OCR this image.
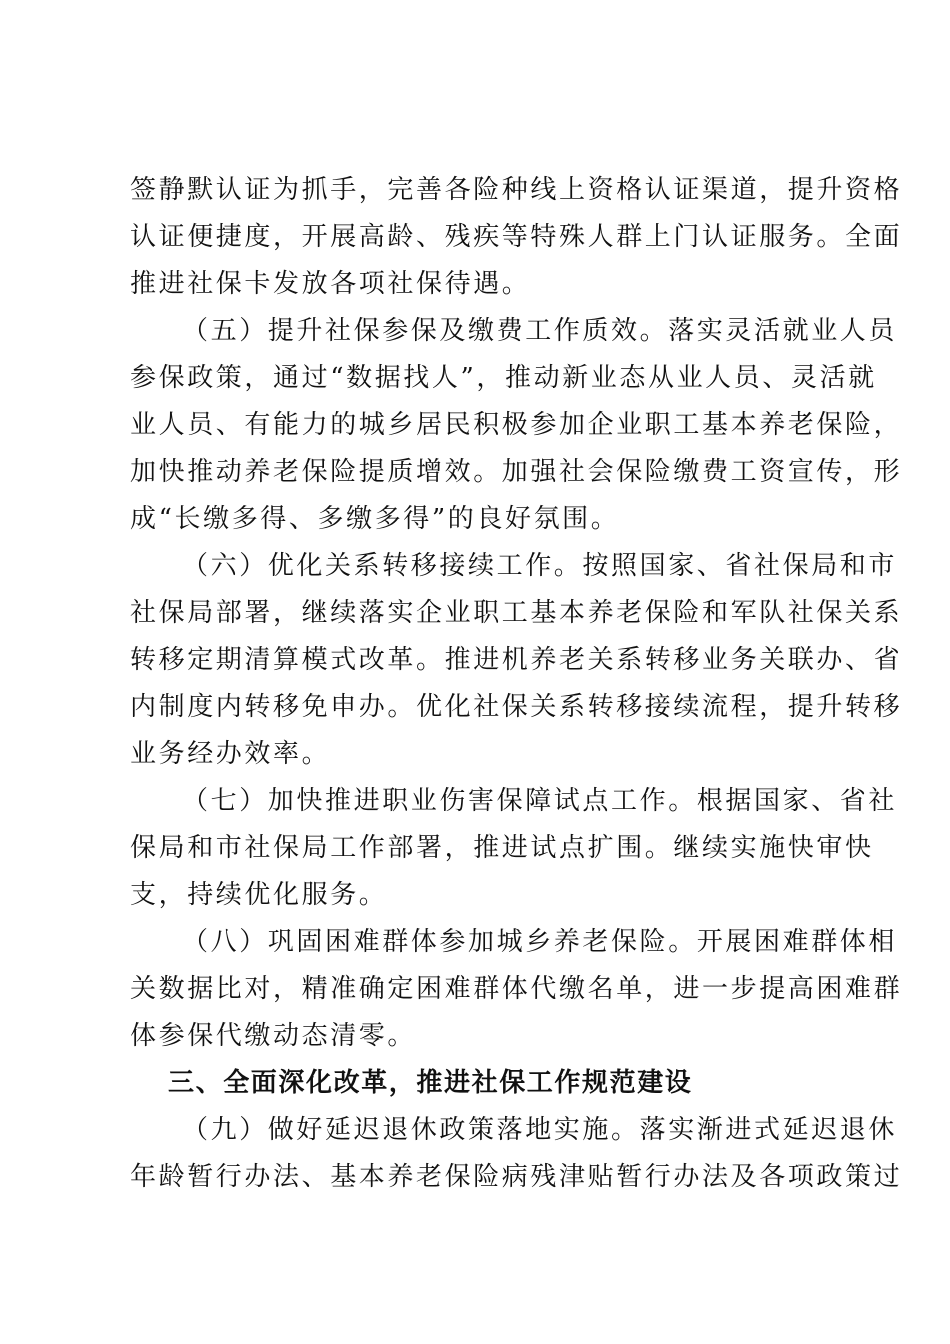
签静默认证为抓手，完善各险种线上资格认证渠道，提升资格
认证便捷度，开展高龄、残疾等特殊人群上门认证服务。全面
推进社保卡发放各项社保待遇。
（五）提升社保参保及缴费工作质效。落实灵活就业人员
参保政策，通过“数据找人”，推动新业态从业人员、灵活就
业人员、有能力的城乡居民积极参加企业职工基本养老保险，
加快推动养老保险提质增效。加强社会保险缴费工资宣传，形
成“长缴多得、多缴多得”的良好氛围。
（六）优化关系转移接续工作。按照国家、省社保局和市
社保局部署，继续落实企业职工基本养老保险和军队社保关系
转移定期清算模式改革。推进机养老关系转移业务关联办、省
内制度内转移免申办。优化社保关系转移接续流程，提升转移
业务经办效率。
（七）加快推进职业伤害保障试点工作。根据国家、省社
保局和市社保局工作部署，推进试点扩围。继续实施快审快
支，持续优化服务。
（八）巩固困难群体参加城乡养老保险。开展困难群体相
关数据比对，精准确定困难群体代缴名单，进一步提高困难群
体参保代缴动态清零。
三、全面深化改革，推进社保工作规范建设
（九）做好延迟退休政策落地实施。落实渐进式延迟退休
年龄暂行办法、基本养老保险病残津贴暂行办法及各项政策过
